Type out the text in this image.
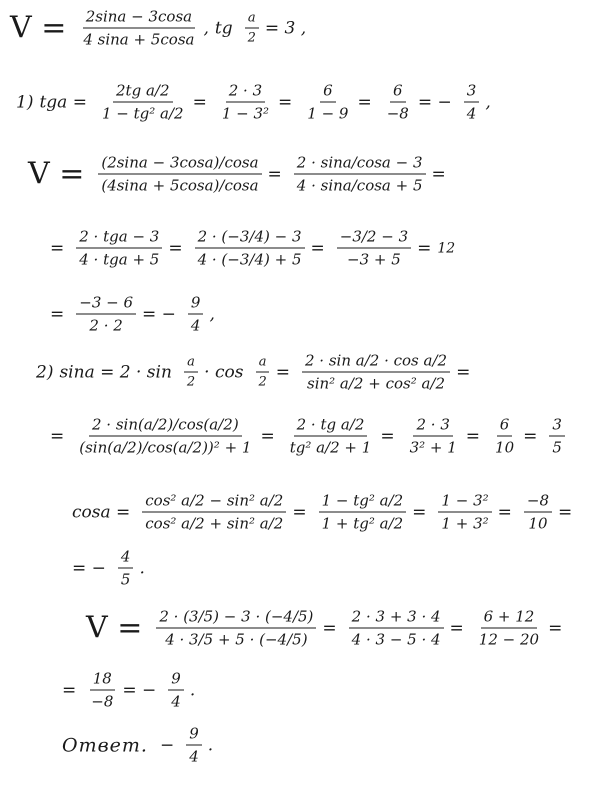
$V = \frac{2\sin a - 3\cos a}{4 \sin a + 5\cos a}$ , tg $\frac{a}{2} = 3$ ,
1) tga = $\frac{\text{2tg a/2}}{\text{1 − tg² a/2}} = \frac{2 \cdot 3}{\text{1 − 3²}} = \frac{6}{1 - 9} = \frac{6}{-8}$ = − $\frac{3}{4}$ ,
$V = \frac{(2\sin a - 3\cos a)/\cos a}{(4\sin a + 5\cos a)/\cos a} = \frac{2 \cdot \sin a/\cos a - 3}{4 \cdot \sin a/\cos a + 5}$ =
=
2 · tga − 3
4 · tga + 5
= $\frac{2 \cdot (-3/4) - 3}{4 \cdot (-3/4) + 5} = \frac{-3/2 - 3}{-3 + 5} = 12$
= $\frac{-3 - 6}{2 \cdot 2}$ = − $\frac{9}{4}$ ,
2) $\sin a = 2 \cdot \sin \frac{a}{2} \cdot \cos \frac{a}{2} = \frac{\text{2 · sin a/2 · cos a/2}}{\text{sin² a/2 + cos² a/2}}$ =
= $\frac{2 \cdot \sin(a/2)/\cos(a/2)}{\text{(sin(a/2)/cos(a/2))² + 1}} = \frac{\text{2 · tg a/2}}{\text{tg² a/2 + 1}} = \frac{2 \cdot 3}{\text{3² + 1}} = \frac{6}{10} = \frac{3}{5}$
$\cos a = \frac{\text{cos² a/2 − sin² a/2}}{\text{cos² a/2 + sin² a/2}} = \frac{\text{1 − tg² a/2}}{\text{1 + tg² a/2}} = \frac{\text{1 − 3²}}{\text{1 + 3²}} = \frac{-8}{10}$ =
= − $\frac{4}{5}$ .
$V = \frac{2 \cdot (3/5) - 3 \cdot (-4/5)}{4 \cdot 3/5 + 5 \cdot (-4/5)} = \frac{2 \cdot 3 + 3 \cdot 4}{4 \cdot 3 - 5 \cdot 4} = \frac{6 + 12}{12 - 20}$ =
= $\frac{18}{-8}$ = − $\frac{9}{4}$ .
Ответ. − $\frac{9}{4}$ .
